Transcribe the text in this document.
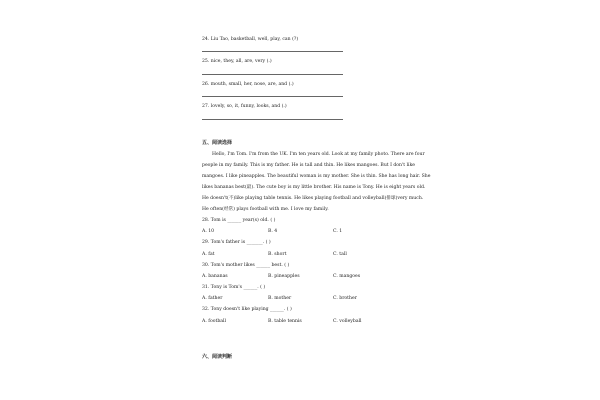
24. Liu Tao, basketball, well, play, can (?)
25. nice, they, all, are, very (.)
26. mouth, small, her, nose, are, and (.)
27. lovely, so, it, funny, looks, and (.)
五、阅读选择
Hello, I'm Tom. I'm from the UK. I'm ten years old. Look at my family photo. There are four
people in my family. This is my father. He is tall and thin. He likes mangoes. But I don't like
mangoes. I like pineapples. The beautiful woman is my mother. She is thin. She has long hair. She
likes bananas best(最). The cute boy is my little brother. His name is Tony. He is eight years old.
He doesn't(不)like playing table tennis. He likes playing football and volleyball(排球)very much.
He often(经常) plays football with me. I love my family.
28. Tom is ______ year(s) old. ( )
A. 10	B. 4	C. 1
29. Tom's father is _______. ( )
A. fat	B. short	C. tall
30. Tom's mother likes ______ best. ( )
A. bananas	B. pineapples	C. mangoes
31. Tony is Tom's ______. ( )
A. father	B. mother	C. brother
32. Tony doesn't like playing ______. ( )
A. football	B. table tennis	C. volleyball
六、阅读判断
